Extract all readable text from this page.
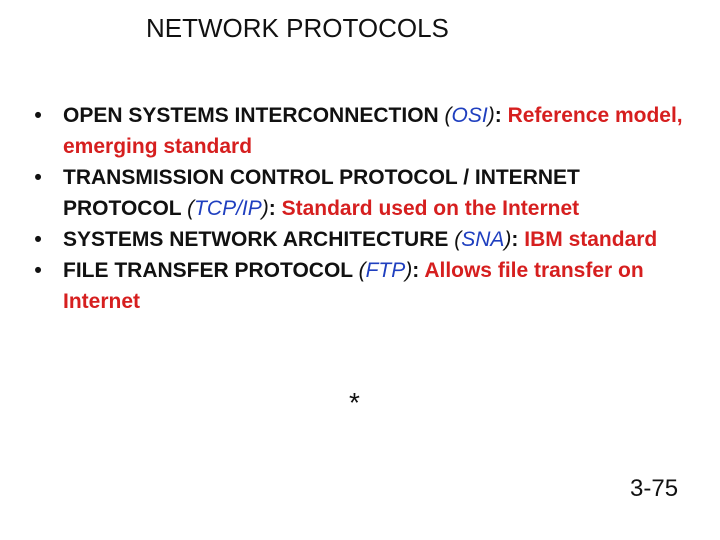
NETWORK PROTOCOLS
• OPEN SYSTEMS INTERCONNECTION (OSI): Reference model, emerging standard
• TRANSMISSION CONTROL PROTOCOL / INTERNET PROTOCOL (TCP/IP): Standard used on the Internet
• SYSTEMS NETWORK ARCHITECTURE (SNA): IBM standard
• FILE TRANSFER PROTOCOL (FTP): Allows file transfer on Internet
*
3-75
